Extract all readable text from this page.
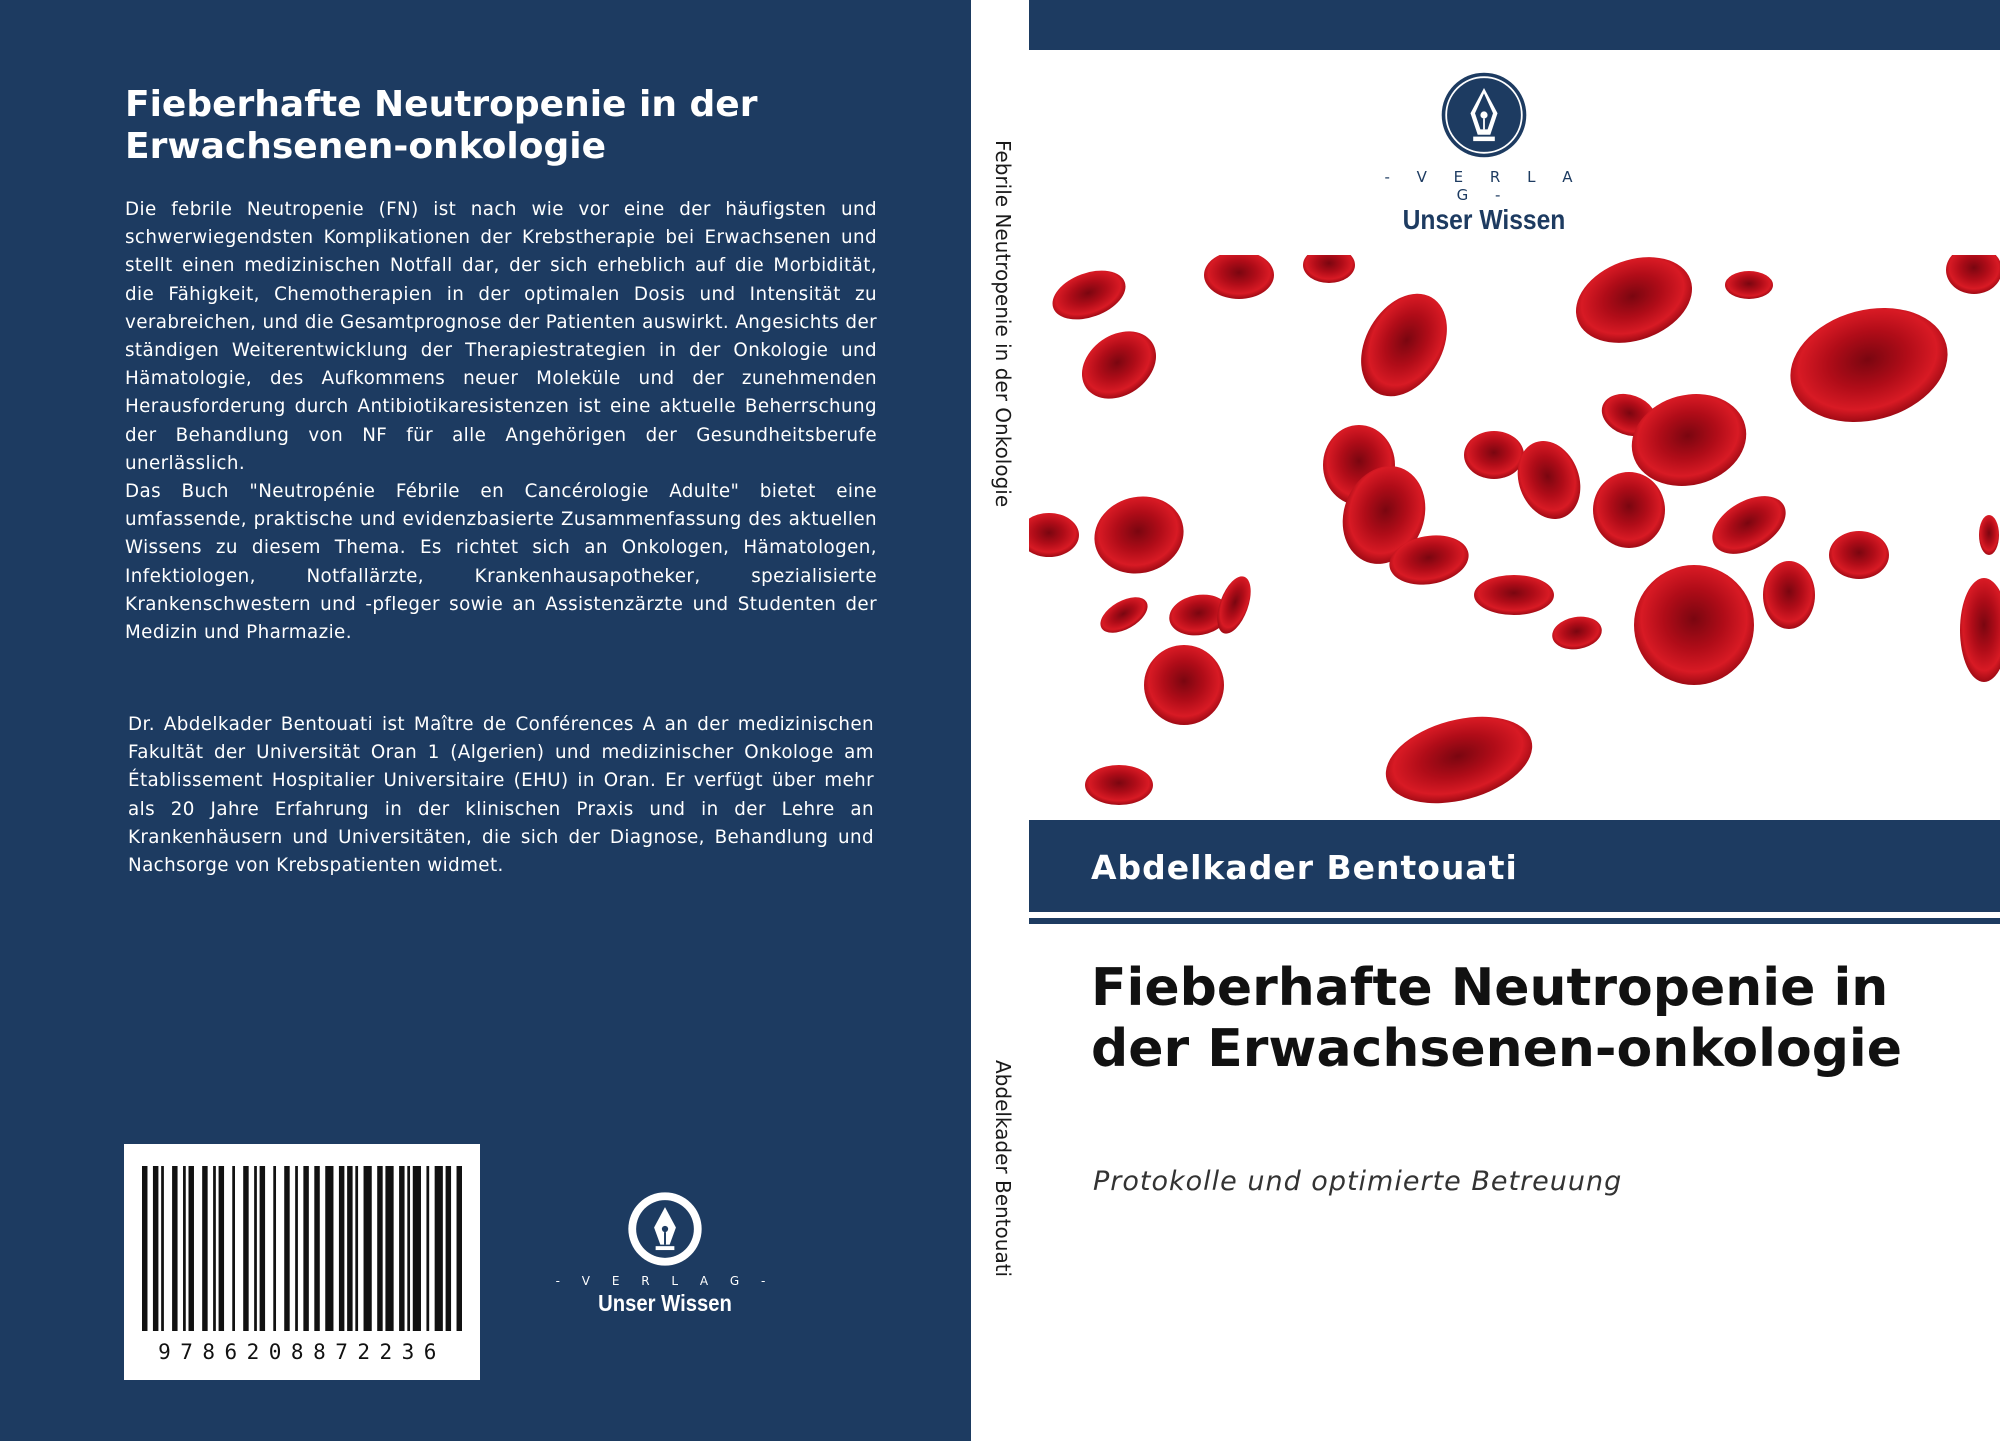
Fieberhafte Neutropenie in der Erwachsenen-onkologie

Die febrile Neutropenie (FN) ist nach wie vor eine der häufigsten und schwerwiegendsten Komplikationen der Krebstherapie bei Erwachsenen und stellt einen medizinischen Notfall dar, der sich erheblich auf die Morbidität, die Fähigkeit, Chemotherapien in der optimalen Dosis und Intensität zu verabreichen, und die Gesamtprognose der Patienten auswirkt. Angesichts der ständigen Weiterentwicklung der Therapiestrategien in der Onkologie und Hämatologie, des Aufkommens neuer Moleküle und der zunehmenden Herausforderung durch Antibiotikaresistenzen ist eine aktuelle Beherrschung der Behandlung von NF für alle Angehörigen der Gesundheitsberufe unerlässlich.

Das Buch "Neutropénie Fébrile en Cancérologie Adulte" bietet eine umfassende, praktische und evidenzbasierte Zusammenfassung des aktuellen Wissens zu diesem Thema. Es richtet sich an Onkologen, Hämatologen, Infektiologen, Notfallärzte, Krankenhausapotheker, spezialisierte Krankenschwestern und -pfleger sowie an Assistenzärzte und Studenten der Medizin und Pharmazie.

Dr. Abdelkader Bentouati ist Maître de Conférences A an der medizinischen Fakultät der Universität Oran 1 (Algerien) und medizinischer Onkologe am Établissement Hospitalier Universitaire (EHU) in Oran. Er verfügt über mehr als 20 Jahre Erfahrung in der klinischen Praxis und in der Lehre an Krankenhäusern und Universitäten, die sich der Diagnose, Behandlung und Nachsorge von Krebspatienten widmet.

9786208872236
- V E R L A G -
Unser Wissen
Febrile Neutropenie in der Onkologie
Abdelkader Bentouati
- V E R L A G -
Unser Wissen
Abdelkader Bentouati
Fieberhafte Neutropenie in der Erwachsenen-onkologie
Protokolle und optimierte Betreuung
